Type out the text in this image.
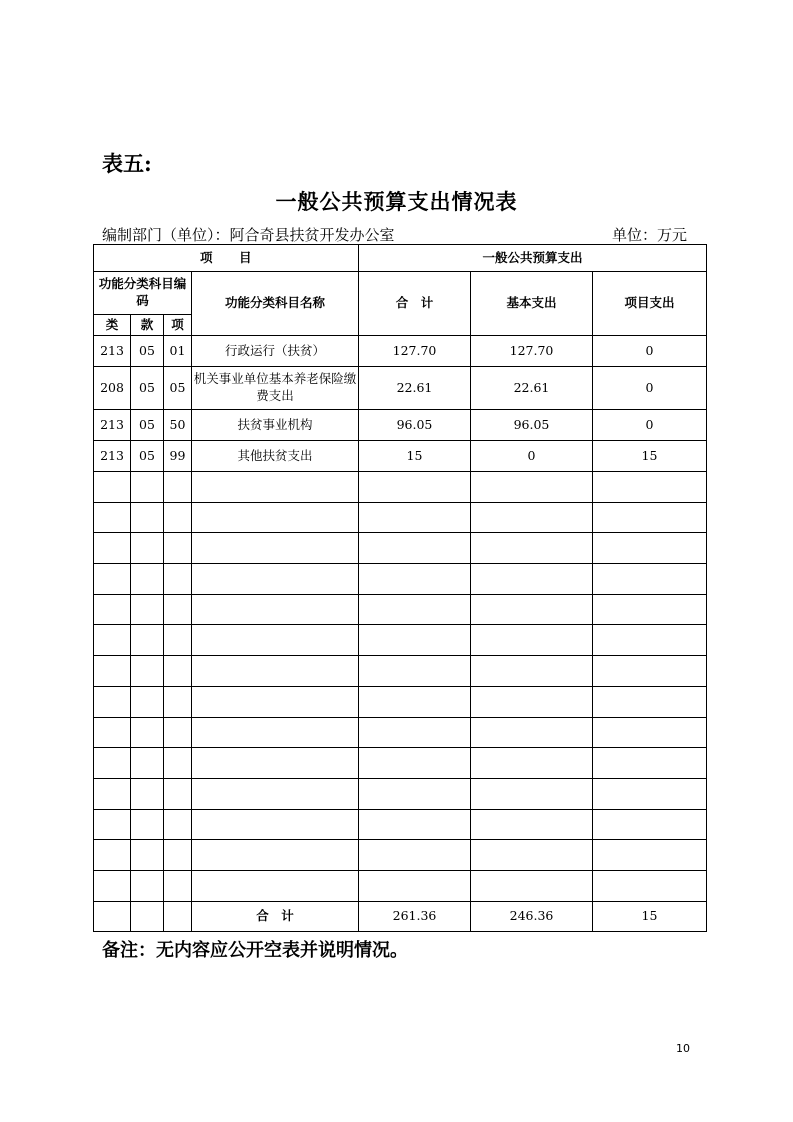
表五:
一般公共预算支出情况表
编制部门（单位）：阿合奇县扶贫开发办公室	单位：万元
项　　目				一般公共预算支出		
功能分类科目编码			功能分类科目名称	合　计	基本支出	项目支出
类	款	项				
213	05	01	行政运行（扶贫）	127.70	127.70	0
208	05	05	机关事业单位基本养老保险缴费支出	22.61	22.61	0
213	05	50	扶贫事业机构	96.05	96.05	0
213	05	99	其他扶贫支出	15	0	15

			合　计	261.36	246.36	15
备注：无内容应公开空表并说明情况。
10
